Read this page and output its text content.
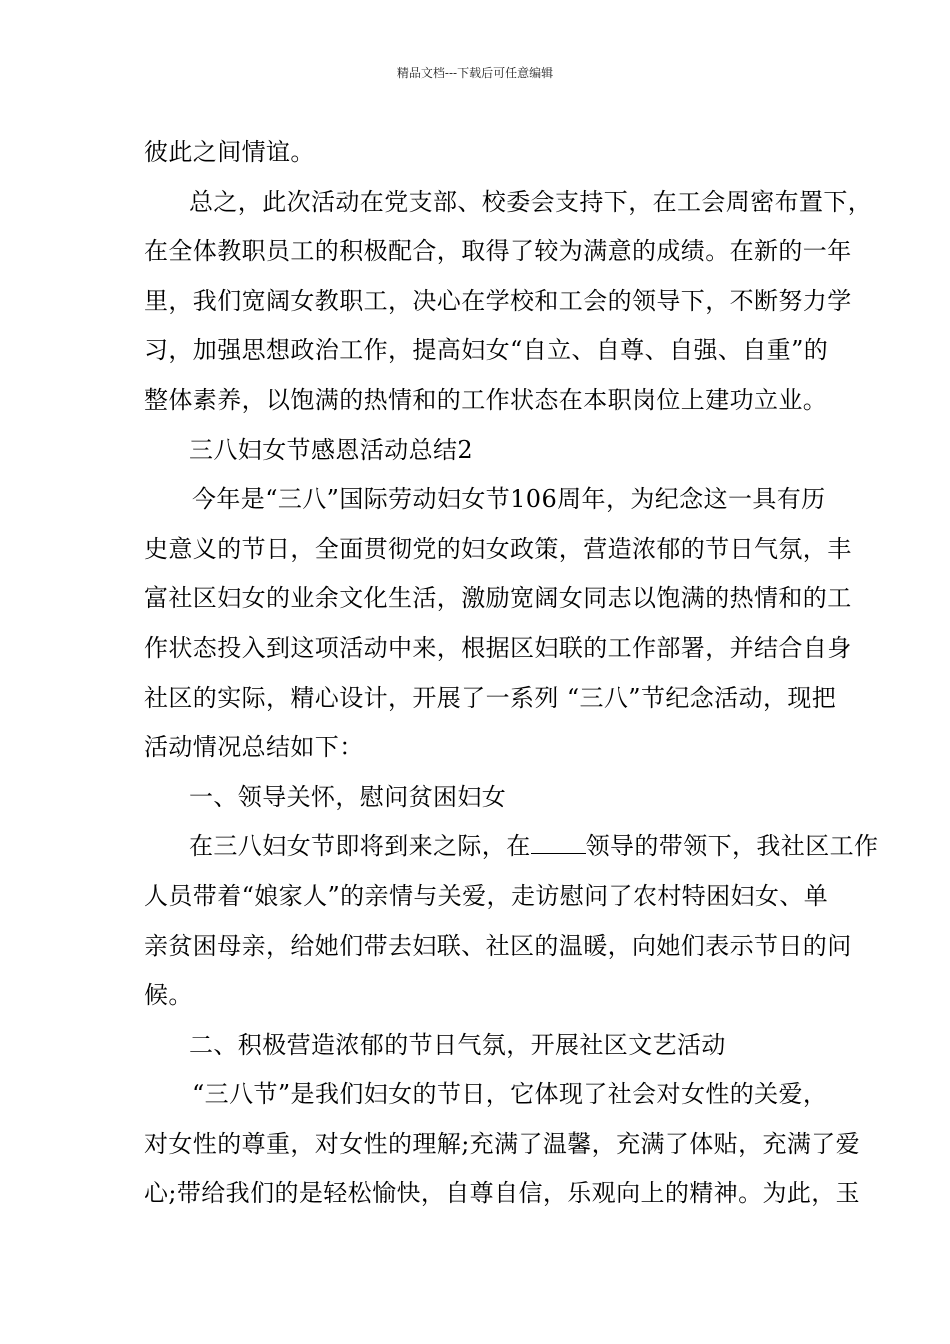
精品文档---下载后可任意编辑
彼此之间情谊。
总之，此次活动在党支部、校委会支持下，在工会周密布置下，
在全体教职员工的积极配合，取得了较为满意的成绩。在新的一年
里，我们宽阔女教职工，决心在学校和工会的领导下，不断努力学
习，加强思想政治工作，提高妇女“自立、自尊、自强、自重”的
整体素养，以饱满的热情和的工作状态在本职岗位上建功立业。
三八妇女节感恩活动总结2
今年是“三八”国际劳动妇女节106周年，为纪念这一具有历
史意义的节日，全面贯彻党的妇女政策，营造浓郁的节日气氛，丰
富社区妇女的业余文化生活，激励宽阔女同志以饱满的热情和的工
作状态投入到这项活动中来，根据区妇联的工作部署，并结合自身
社区的实际，精心设计，开展了一系列 “三八”节纪念活动，现把
活动情况总结如下：
一、领导关怀，慰问贫困妇女
在三八妇女节即将到来之际，在 领导的带领下，我社区工作
人员带着“娘家人”的亲情与关爱，走访慰问了农村特困妇女、单
亲贫困母亲，给她们带去妇联、社区的温暖，向她们表示节日的问
候。
二、积极营造浓郁的节日气氛，开展社区文艺活动
“三八节”是我们妇女的节日，它体现了社会对女性的关爱，
对女性的尊重，对女性的理解;充满了温馨，充满了体贴，充满了爱
心;带给我们的是轻松愉快，自尊自信，乐观向上的精神。为此，玉
